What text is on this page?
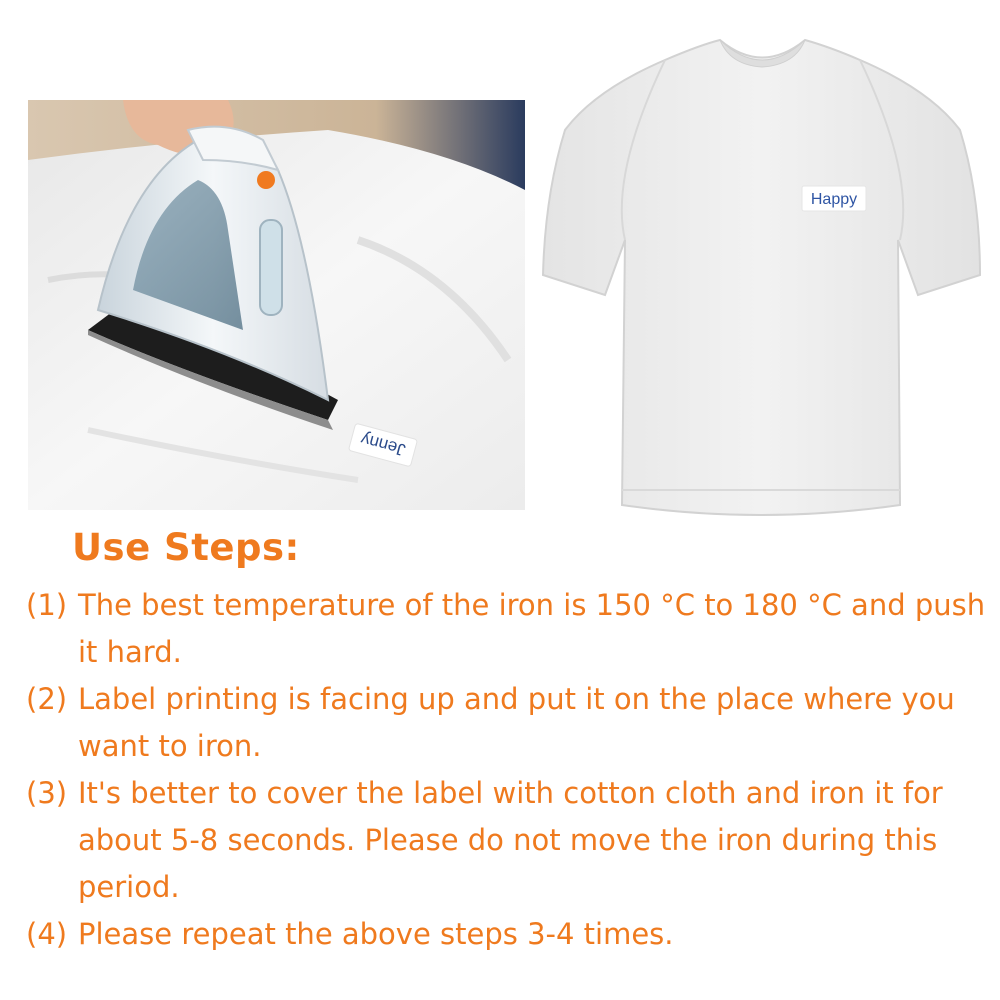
Jenny
Happy
Use Steps:
(1) The best temperature of the iron is 150 °C to 180 °C and push it hard.
(2) Label printing is facing up and put it on the place where you want to iron.
(3) It's better to cover the label with cotton cloth and iron it for about 5-8 seconds. Please do not move the iron during this period.
(4) Please repeat the above steps 3-4 times.
